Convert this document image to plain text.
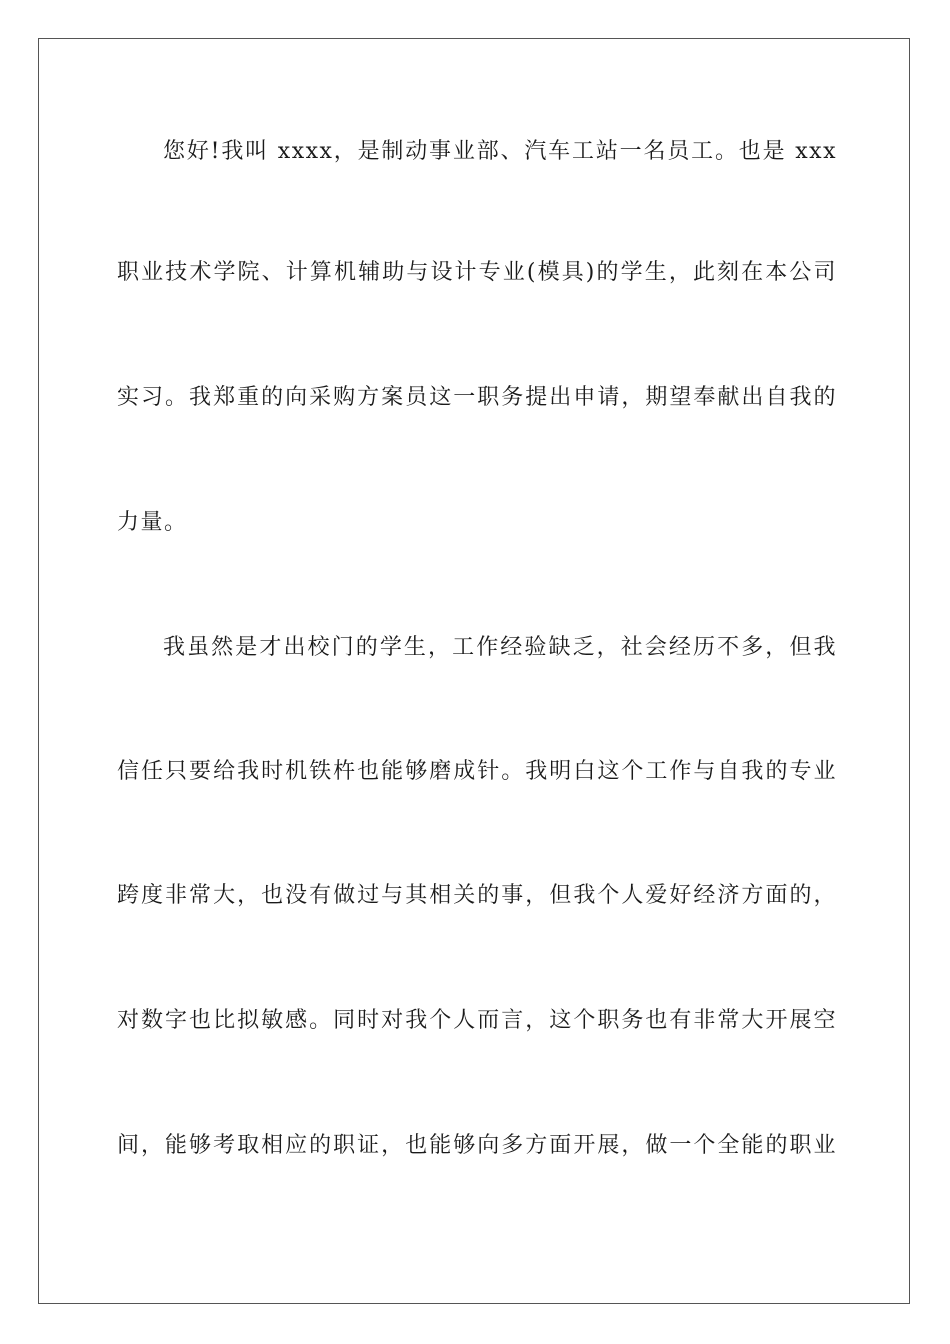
您好!我叫 xxxx，是制动事业部、汽车工站一名员工。也是 xxx
职业技术学院、计算机辅助与设计专业(模具)的学生，此刻在本公司
实习。我郑重的向采购方案员这一职务提出申请，期望奉献出自我的
力量。
我虽然是才出校门的学生，工作经验缺乏，社会经历不多，但我
信任只要给我时机铁杵也能够磨成针。我明白这个工作与自我的专业
跨度非常大，也没有做过与其相关的事，但我个人爱好经济方面的，
对数字也比拟敏感。同时对我个人而言，这个职务也有非常大开展空
间，能够考取相应的职证，也能够向多方面开展，做一个全能的职业
